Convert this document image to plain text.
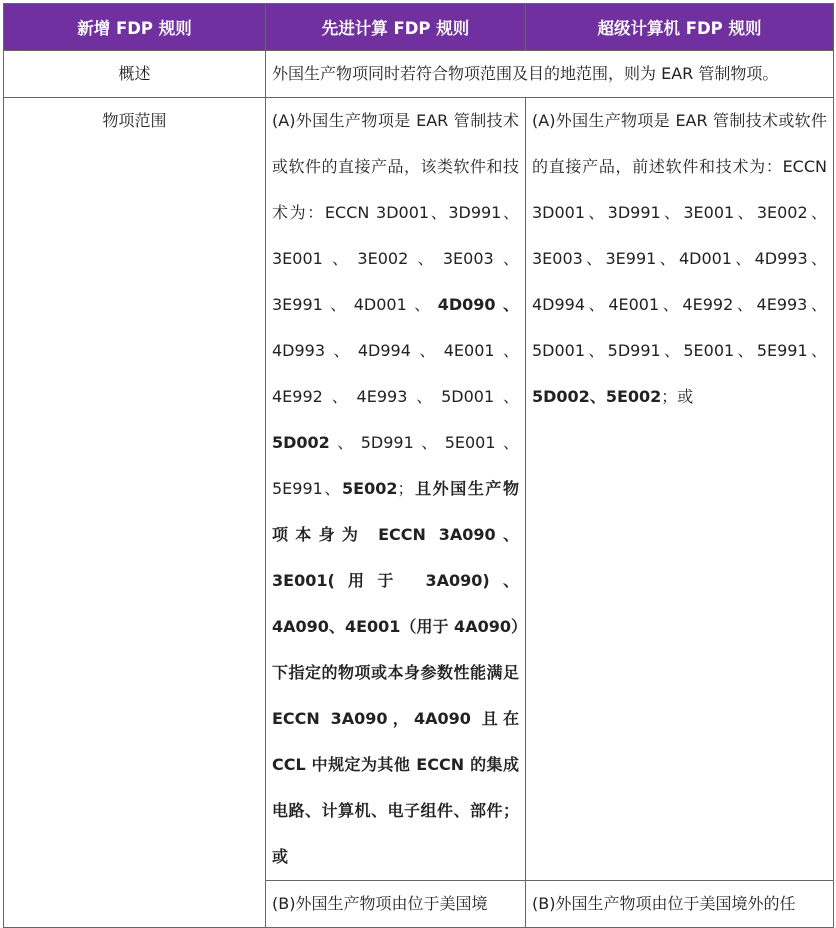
新增 FDP 规则	先进计算 FDP 规则	超级计算机 FDP 规则
概述	外国生产物项同时若符合物项范围及目的地范围，则为 EAR 管制物项。	
物项范围	(A)外国生产物项是 EAR 管制技术或软件的直接产品，该类软件和技术为：ECCN 3D001、3D991、3E001、3E002、3E003、3E991、4D001、4D090、4D993、4D994、4E001、4E992、4E993、5D001、5D002、5D991、5E001、5E991、5E002；且外国生产物项本身为 ECCN 3A090、3E001(用于 3A090)、4A090、4E001（用于 4A090）下指定的物项或本身参数性能满足 ECCN 3A090，4A090 且在 CCL 中规定为其他 ECCN 的集成电路、计算机、电子组件、部件；或	(A)外国生产物项是 EAR 管制技术或软件的直接产品，前述软件和技术为：ECCN 3D001、3D991、3E001、3E002、3E003、3E991、4D001、4D993、4D994、4E001、4E992、4E993、5D001、5D991、5E001、5E991、5D002、5E002；或
	(B)外国生产物项由位于美国境	(B)外国生产物项由位于美国境外的任
